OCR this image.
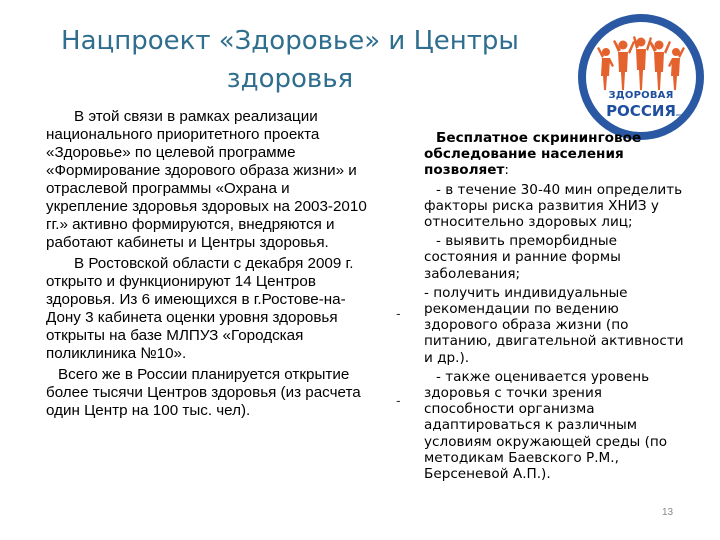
Нацпроект «Здоровье» и Центры
здоровья
ЗДОРОВАЯ
РОССИЯ

В этой связи в рамках реализации национального приоритетного проекта «Здоровье» по целевой программе «Формирование здорового образа жизни» и отраслевой программы «Охрана и укрепление здоровья здоровых на 2003-2010 гг.» активно формируются, внедряются и работают кабинеты и Центры здоровья.

В Ростовской области с декабря 2009 г. открыто и функционируют 14 Центров здоровья. Из 6 имеющихся в г.Ростове-на-Дону 3 кабинета оценки уровня здоровья открыты на базе МЛПУЗ «Городская поликлиника №10».

Всего же в России планируется открытие более тысячи Центров здоровья (из расчета один Центр на 100 тыс. чел).

Бесплатное скрининговое обследование населения позволяет:

- в течение 30-40 мин определить факторы риска развития ХНИЗ у относительно здоровых лиц;

- выявить преморбидные состояния и ранние формы заболевания;

- получить индивидуальные рекомендации по ведению здорового образа жизни (по питанию, двигательной активности и др.).

- также оценивается уровень здоровья с точки зрения способности организма адаптироваться к различным условиям окружающей среды (по методикам Баевского Р.М., Берсеневой А.П.).

-
-
13
